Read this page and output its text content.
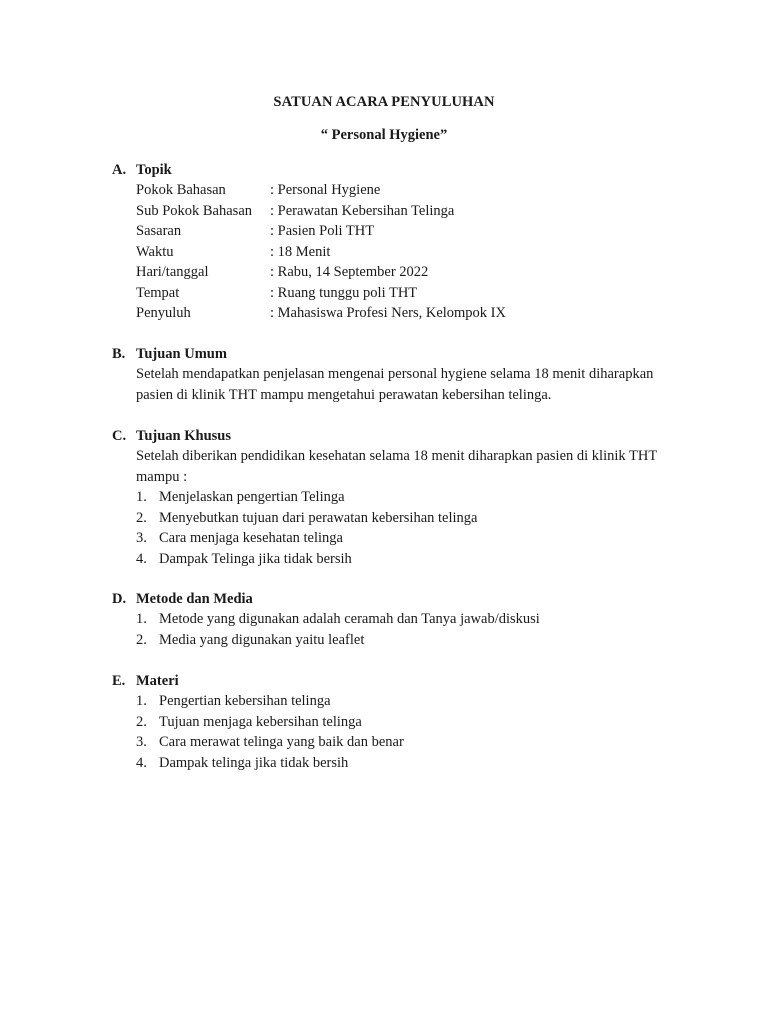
SATUAN ACARA PENYULUHAN
“ Personal Hygiene”
A. Topik
Pokok Bahasan	: Personal Hygiene
Sub Pokok Bahasan : Perawatan Kebersihan Telinga
Sasaran	: Pasien Poli THT
Waktu	: 18 Menit
Hari/tanggal	: Rabu, 14 September 2022
Tempat	: Ruang tunggu poli THT
Penyuluh	: Mahasiswa Profesi Ners, Kelompok IX
B. Tujuan Umum
Setelah mendapatkan penjelasan mengenai personal hygiene selama 18 menit diharapkan
pasien di klinik THT mampu mengetahui perawatan kebersihan telinga.
C. Tujuan Khusus
Setelah diberikan pendidikan kesehatan selama 18 menit diharapkan pasien di klinik THT
mampu :
1. Menjelaskan pengertian Telinga
2. Menyebutkan tujuan dari perawatan kebersihan telinga
3. Cara menjaga kesehatan telinga
4. Dampak Telinga jika tidak bersih
D. Metode dan Media
1. Metode yang digunakan adalah ceramah dan Tanya jawab/diskusi
2. Media yang digunakan yaitu leaflet
E. Materi
1. Pengertian kebersihan telinga
2. Tujuan menjaga kebersihan telinga
3. Cara merawat telinga yang baik dan benar
4. Dampak telinga jika tidak bersih
